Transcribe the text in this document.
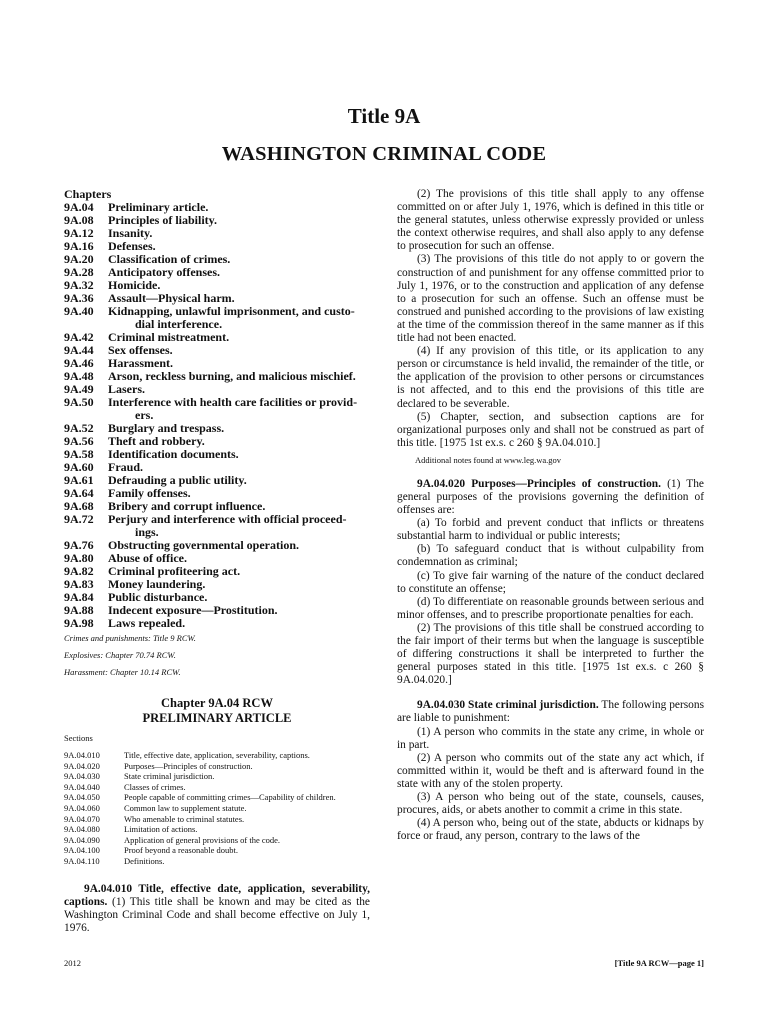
Title 9A
WASHINGTON CRIMINAL CODE
Chapters
9A.04	Preliminary article.
9A.08	Principles of liability.
9A.12	Insanity.
9A.16	Defenses.
9A.20	Classification of crimes.
9A.28	Anticipatory offenses.
9A.32	Homicide.
9A.36	Assault—Physical harm.
9A.40	Kidnapping, unlawful imprisonment, and custo-
dial interference.
9A.42	Criminal mistreatment.
9A.44	Sex offenses.
9A.46	Harassment.
9A.48	Arson, reckless burning, and malicious mischief.
9A.49	Lasers.
9A.50	Interference with health care facilities or provid-
ers.
9A.52	Burglary and trespass.
9A.56	Theft and robbery.
9A.58	Identification documents.
9A.60	Fraud.
9A.61	Defrauding a public utility.
9A.64	Family offenses.
9A.68	Bribery and corrupt influence.
9A.72	Perjury and interference with official proceed-
ings.
9A.76	Obstructing governmental operation.
9A.80	Abuse of office.
9A.82	Criminal profiteering act.
9A.83	Money laundering.
9A.84	Public disturbance.
9A.88	Indecent exposure—Prostitution.
9A.98	Laws repealed.
Crimes and punishments: Title 9 RCW.
Explosives: Chapter 70.74 RCW.
Harassment: Chapter 10.14 RCW.
Chapter 9A.04 RCW
PRELIMINARY ARTICLE
Sections
9A.04.010	Title, effective date, application, severability, captions.
9A.04.020	Purposes—Principles of construction.
9A.04.030	State criminal jurisdiction.
9A.04.040	Classes of crimes.
9A.04.050	People capable of committing crimes—Capability of children.
9A.04.060	Common law to supplement statute.
9A.04.070	Who amenable to criminal statutes.
9A.04.080	Limitation of actions.
9A.04.090	Application of general provisions of the code.
9A.04.100	Proof beyond a reasonable doubt.
9A.04.110	Definitions.
9A.04.010 Title, effective date, application, severability, captions. (1) This title shall be known and may be cited as the Washington Criminal Code and shall become effective on July 1, 1976.
(2) The provisions of this title shall apply to any offense committed on or after July 1, 1976, which is defined in this title or the general statutes, unless otherwise expressly provided or unless the context otherwise requires, and shall also apply to any defense to prosecution for such an offense.
(3) The provisions of this title do not apply to or govern the construction of and punishment for any offense committed prior to July 1, 1976, or to the construction and application of any defense to a prosecution for such an offense. Such an offense must be construed and punished according to the provisions of law existing at the time of the commission thereof in the same manner as if this title had not been enacted.
(4) If any provision of this title, or its application to any person or circumstance is held invalid, the remainder of the title, or the application of the provision to other persons or circumstances is not affected, and to this end the provisions of this title are declared to be severable.
(5) Chapter, section, and subsection captions are for organizational purposes only and shall not be construed as part of this title. [1975 1st ex.s. c 260 § 9A.04.010.]
Additional notes found at www.leg.wa.gov
9A.04.020 Purposes—Principles of construction. (1) The general purposes of the provisions governing the definition of offenses are:
(a) To forbid and prevent conduct that inflicts or threatens substantial harm to individual or public interests;
(b) To safeguard conduct that is without culpability from condemnation as criminal;
(c) To give fair warning of the nature of the conduct declared to constitute an offense;
(d) To differentiate on reasonable grounds between serious and minor offenses, and to prescribe proportionate penalties for each.
(2) The provisions of this title shall be construed according to the fair import of their terms but when the language is susceptible of differing constructions it shall be interpreted to further the general purposes stated in this title. [1975 1st ex.s. c 260 § 9A.04.020.]
9A.04.030 State criminal jurisdiction. The following persons are liable to punishment:
(1) A person who commits in the state any crime, in whole or in part.
(2) A person who commits out of the state any act which, if committed within it, would be theft and is afterward found in the state with any of the stolen property.
(3) A person who being out of the state, counsels, causes, procures, aids, or abets another to commit a crime in this state.
(4) A person who, being out of the state, abducts or kidnaps by force or fraud, any person, contrary to the laws of the
2012	[Title 9A RCW—page 1]
